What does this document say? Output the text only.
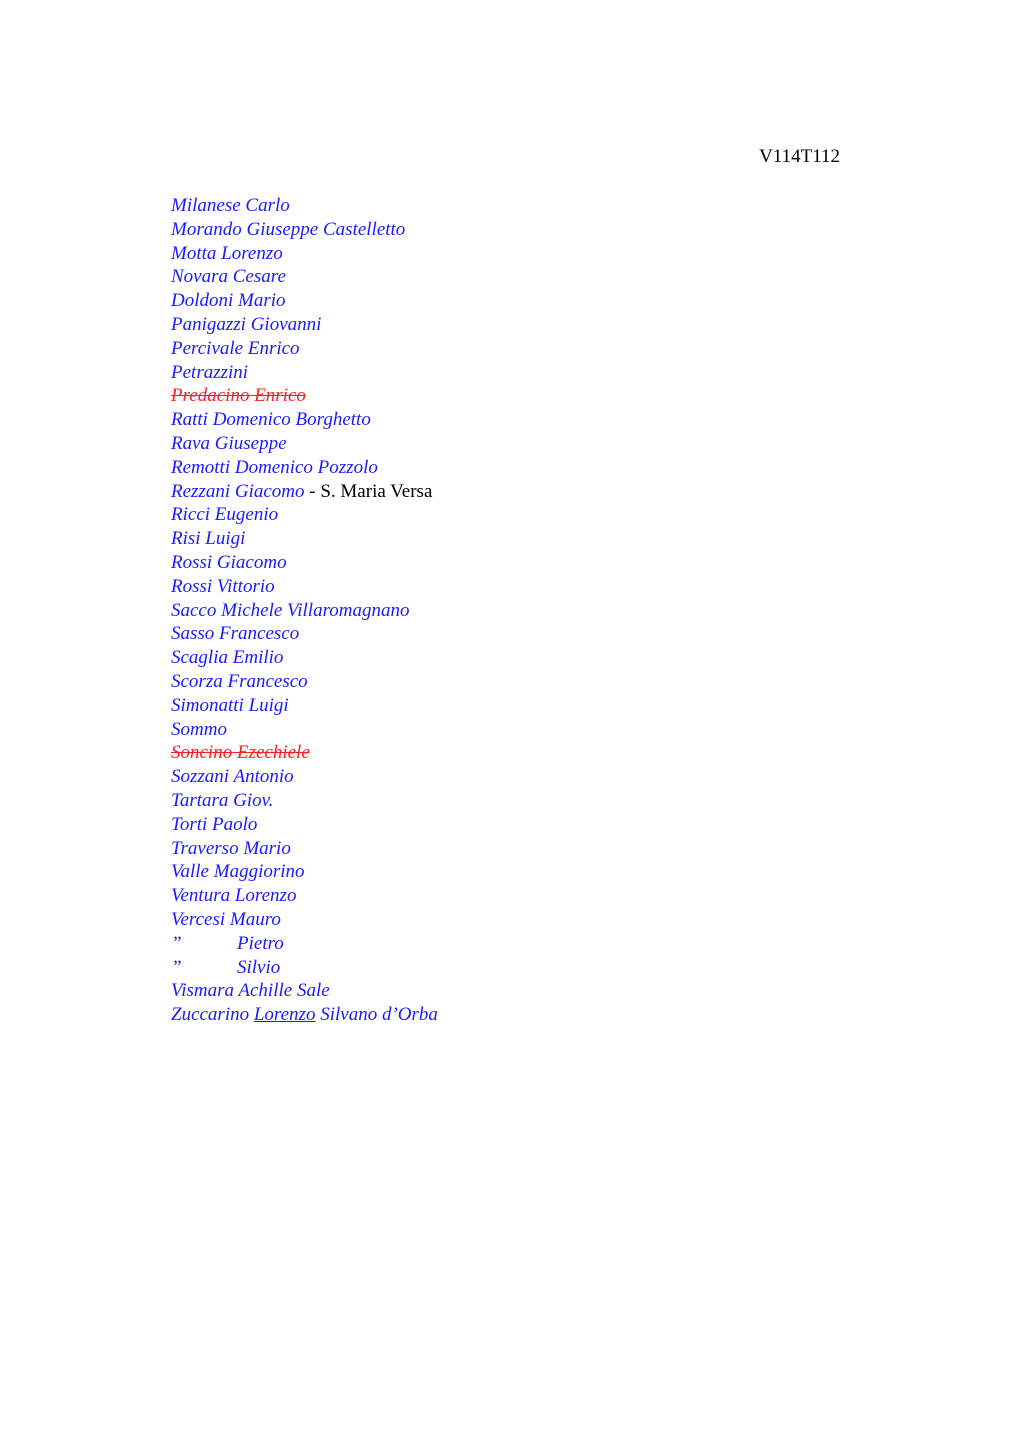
V114T112
Milanese Carlo
Morando Giuseppe Castelletto
Motta Lorenzo
Novara Cesare
Doldoni Mario
Panigazzi Giovanni
Percivale Enrico
Petrazzini
Predacino Enrico
Ratti Domenico Borghetto
Rava Giuseppe
Remotti Domenico Pozzolo
Rezzani Giacomo - S. Maria Versa
Ricci Eugenio
Risi Luigi
Rossi Giacomo
Rossi Vittorio
Sacco Michele Villaromagnano
Sasso Francesco
Scaglia Emilio
Scorza Francesco
Simonatti Luigi
Sommo
Soncino Ezechiele
Sozzani Antonio
Tartara Giov.
Torti Paolo
Traverso Mario
Valle Maggiorino
Ventura Lorenzo
Vercesi Mauro
”	Pietro
”	Silvio
Vismara Achille Sale
Zuccarino Lorenzo Silvano d’Orba
